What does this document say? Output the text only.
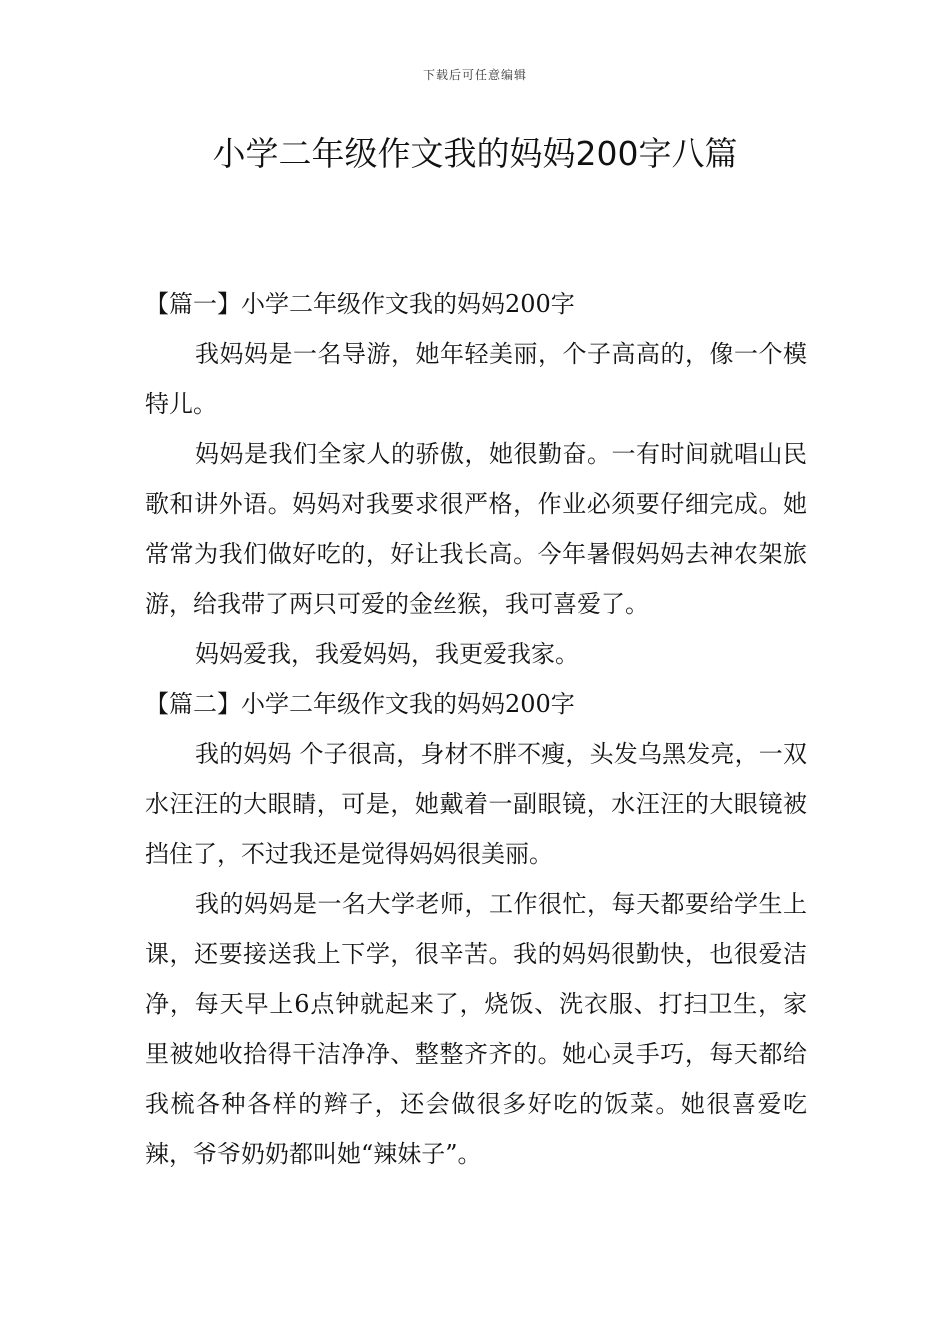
下载后可任意编辑
小学二年级作文我的妈妈200字八篇

【篇一】小学二年级作文我的妈妈200字

我妈妈是一名导游，她年轻美丽，个子高高的，像一个模特儿。

妈妈是我们全家人的骄傲，她很勤奋。一有时间就唱山民歌和讲外语。妈妈对我要求很严格，作业必须要仔细完成。她常常为我们做好吃的，好让我长高。今年暑假妈妈去神农架旅游，给我带了两只可爱的金丝猴，我可喜爱了。

妈妈爱我，我爱妈妈，我更爱我家。

【篇二】小学二年级作文我的妈妈200字

我的妈妈 个子很高，身材不胖不瘦，头发乌黑发亮，一双水汪汪的大眼睛，可是，她戴着一副眼镜，水汪汪的大眼镜被挡住了，不过我还是觉得妈妈很美丽。

我的妈妈是一名大学老师，工作很忙，每天都要给学生上课，还要接送我上下学，很辛苦。我的妈妈很勤快，也很爱洁净，每天早上6点钟就起来了，烧饭、洗衣服、打扫卫生，家里被她收拾得干洁净净、整整齐齐的。她心灵手巧，每天都给我梳各种各样的辫子，还会做很多好吃的饭菜。她很喜爱吃辣，爷爷奶奶都叫她“辣妹子”。
